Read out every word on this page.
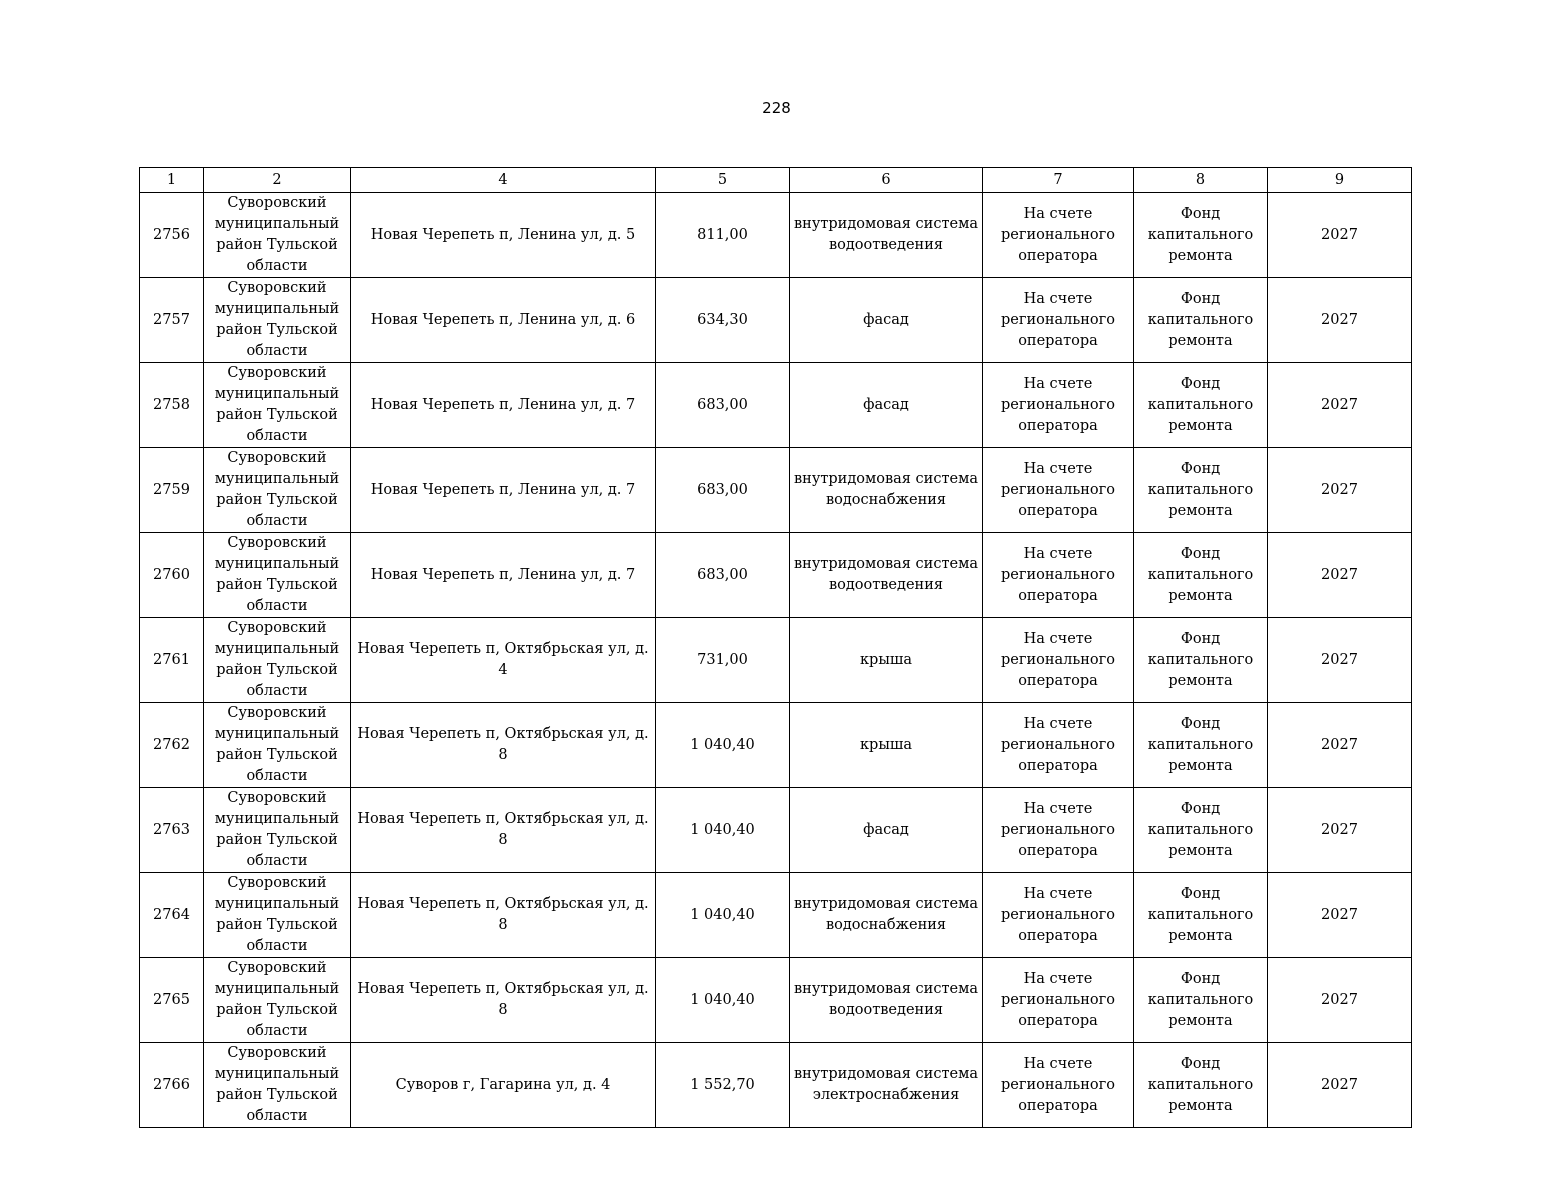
228
1	2	4	5	6	7	8	9
2756	Суворовский
муниципальный
район Тульской
области	Новая Черепеть п, Ленина ул, д. 5	811,00	внутридомовая система
водоотведения	На счете
регионального
оператора	Фонд
капитального
ремонта	2027
2757	Суворовский
муниципальный
район Тульской
области	Новая Черепеть п, Ленина ул, д. 6	634,30	фасад	На счете
регионального
оператора	Фонд
капитального
ремонта	2027
2758	Суворовский
муниципальный
район Тульской
области	Новая Черепеть п, Ленина ул, д. 7	683,00	фасад	На счете
регионального
оператора	Фонд
капитального
ремонта	2027
2759	Суворовский
муниципальный
район Тульской
области	Новая Черепеть п, Ленина ул, д. 7	683,00	внутридомовая система
водоснабжения	На счете
регионального
оператора	Фонд
капитального
ремонта	2027
2760	Суворовский
муниципальный
район Тульской
области	Новая Черепеть п, Ленина ул, д. 7	683,00	внутридомовая система
водоотведения	На счете
регионального
оператора	Фонд
капитального
ремонта	2027
2761	Суворовский
муниципальный
район Тульской
области	Новая Черепеть п, Октябрьская ул, д. 4	731,00	крыша	На счете
регионального
оператора	Фонд
капитального
ремонта	2027
2762	Суворовский
муниципальный
район Тульской
области	Новая Черепеть п, Октябрьская ул, д. 8	1 040,40	крыша	На счете
регионального
оператора	Фонд
капитального
ремонта	2027
2763	Суворовский
муниципальный
район Тульской
области	Новая Черепеть п, Октябрьская ул, д. 8	1 040,40	фасад	На счете
регионального
оператора	Фонд
капитального
ремонта	2027
2764	Суворовский
муниципальный
район Тульской
области	Новая Черепеть п, Октябрьская ул, д. 8	1 040,40	внутридомовая система
водоснабжения	На счете
регионального
оператора	Фонд
капитального
ремонта	2027
2765	Суворовский
муниципальный
район Тульской
области	Новая Черепеть п, Октябрьская ул, д. 8	1 040,40	внутридомовая система
водоотведения	На счете
регионального
оператора	Фонд
капитального
ремонта	2027
2766	Суворовский
муниципальный
район Тульской
области	Суворов г, Гагарина ул, д. 4	1 552,70	внутридомовая система
электроснабжения	На счете
регионального
оператора	Фонд
капитального
ремонта	2027
